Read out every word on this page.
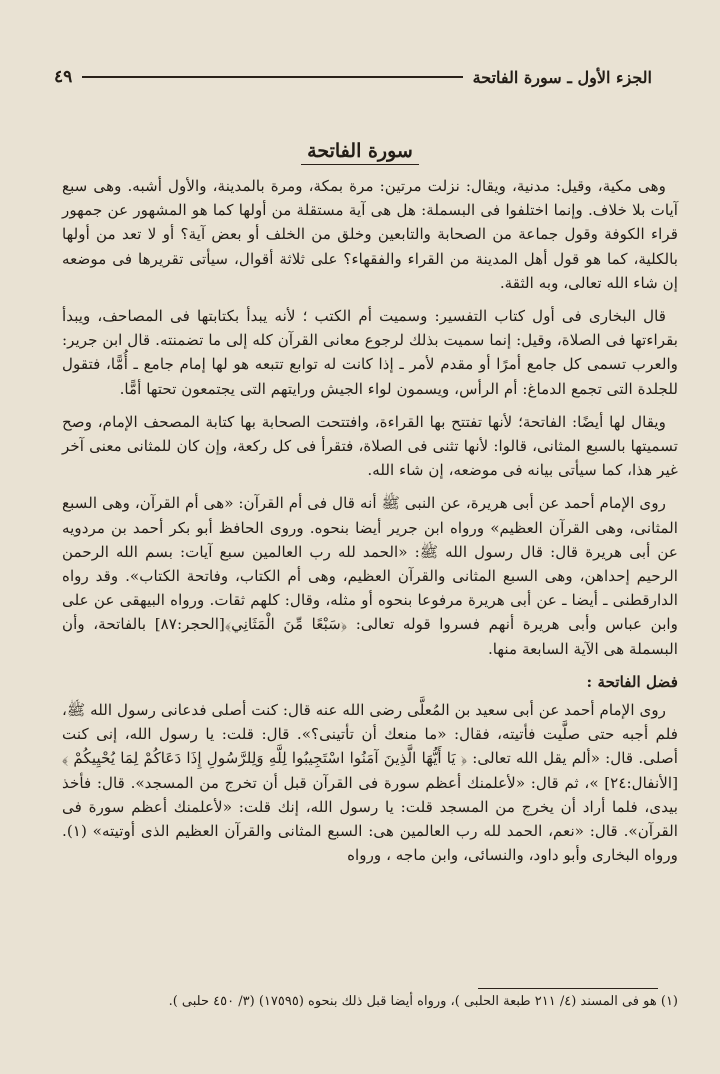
الجزء الأول ـ سورة الفاتحة
٤٩
سورة الفاتحة

وهى مكية، وقيل: مدنية، ويقال: نزلت مرتين: مرة بمكة، ومرة بالمدينة، والأول أشبه. وهى سبع آيات بلا خلاف. وإنما اختلفوا فى البسملة: هل هى آية مستقلة من أولها كما هو المشهور عن جمهور قراء الكوفة وقول جماعة من الصحابة والتابعين وخلق من الخلف أو بعض آية؟ أو لا تعد من أولها بالكلية، كما هو قول أهل المدينة من القراء والفقهاء؟ على ثلاثة أقوال، سيأتى تقريرها فى موضعه إن شاء الله تعالى، وبه الثقة.

قال البخارى فى أول كتاب التفسير: وسميت أم الكتب ؛ لأنه يبدأ بكتابتها فى المصاحف، ويبدأ بقراءتها فى الصلاة، وقيل: إنما سميت بذلك لرجوع معانى القرآن كله إلى ما تضمنته. قال ابن جرير: والعرب تسمى كل جامع أمرًا أو مقدم لأمر ـ إذا كانت له توابع تتبعه هو لها إمام جامع ـ أُمًّا، فتقول للجلدة التى تجمع الدماغ: أم الرأس، ويسمون لواء الجيش ورايتهم التى يجتمعون تحتها أمًّا.

ويقال لها أيضًا: الفاتحة؛ لأنها تفتتح بها القراءة، وافتتحت الصحابة بها كتابة المصحف الإمام، وصح تسميتها بالسبع المثانى، قالوا: لأنها تثنى فى الصلاة، فتقرأ فى كل ركعة، وإن كان للمثانى معنى آخر غير هذا، كما سيأتى بيانه فى موضعه، إن شاء الله.

روى الإمام أحمد عن أبى هريرة، عن النبى ﷺ أنه قال فى أم القرآن: «هى أم القرآن، وهى السبع المثانى، وهى القرآن العظيم» ورواه ابن جرير أيضا بنحوه. وروى الحافظ أبو بكر أحمد بن مردويه عن أبى هريرة قال: قال رسول الله ﷺ: «الحمد لله رب العالمين سبع آيات: بسم الله الرحمن الرحيم إحداهن، وهى السبع المثانى والقرآن العظيم، وهى أم الكتاب، وفاتحة الكتاب». وقد رواه الدارقطنى ـ أيضا ـ عن أبى هريرة مرفوعا بنحوه أو مثله، وقال: كلهم ثقات. ورواه البيهقى عن على وابن عباس وأبى هريرة أنهم فسروا قوله تعالى: ﴿سَبْعًا مِّنَ الْمَثَانِي﴾[الحجر:٨٧] بالفاتحة، وأن البسملة هى الآية السابعة منها.

فضل الفاتحة :

روى الإمام أحمد عن أبى سعيد بن المُعلَّى رضى الله عنه قال: كنت أصلى فدعانى رسول الله ﷺ، فلم أجبه حتى صلَّيت فأتيته، فقال: «ما منعك أن تأتينى؟». قال: قلت: يا رسول الله، إنى كنت أصلى. قال: «ألم يقل الله تعالى: ﴿ يَا أَيُّهَا الَّذِينَ آمَنُوا اسْتَجِيبُوا لِلَّهِ وَلِلرَّسُولِ إِذَا دَعَاكُمْ لِمَا يُحْيِيكُمْ ﴾ [الأنفال:٢٤] »، ثم قال: «لأعلمنك أعظم سورة فى القرآن قبل أن تخرج من المسجد». قال: فأخذ بيدى، فلما أراد أن يخرج من المسجد قلت: يا رسول الله، إنك قلت: «لأعلمنك أعظم سورة فى القرآن». قال: «نعم، الحمد لله رب العالمين هى: السبع المثانى والقرآن العظيم الذى أوتيته» (١). ورواه البخارى وأبو داود، والنسائى، وابن ماجه ، ورواه

(١) هو فى المسند (٤/ ٢١١ طبعة الحلبى )، ورواه أيضا قبل ذلك بنحوه (١٧٥٩٥) (٣/ ٤٥٠ حلبى ).
